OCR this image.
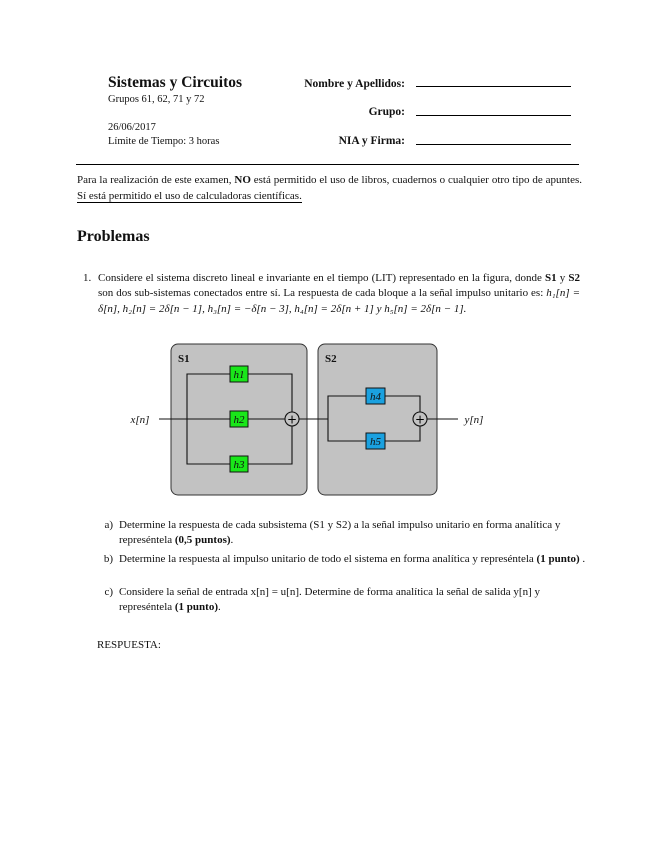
Sistemas y Circuitos
Grupos 61, 62, 71 y 72
26/06/2017
Límite de Tiempo: 3 horas
Nombre y Apellidos:
Grupo:
NIA y Firma:
Para la realización de este examen, NO está permitido el uso de libros, cuadernos o cualquier otro tipo de apuntes. Sí está permitido el uso de calculadoras científicas.
Problemas
1. Considere el sistema discreto lineal e invariante en el tiempo (LIT) representado en la figura, donde S1 y S2 son dos sub-sistemas conectados entre sí. La respuesta de cada bloque a la señal impulso unitario es: h₁[n] = δ[n], h₂[n] = 2δ[n − 1], h₃[n] = −δ[n − 3], h₄[n] = 2δ[n + 1] y h₅[n] = 2δ[n − 1].
+	+
h1
h2
h3
h4
h5
x[n]	y[n]
S1	S2
a) Determine la respuesta de cada subsistema (S1 y S2) a la señal impulso unitario en forma analítica y represéntela (0,5 puntos).
b) Determine la respuesta al impulso unitario de todo el sistema en forma analítica y represéntela (1 punto) .
c) Considere la señal de entrada x[n] = u[n]. Determine de forma analítica la señal de salida y[n] y represéntela (1 punto).
RESPUESTA:
